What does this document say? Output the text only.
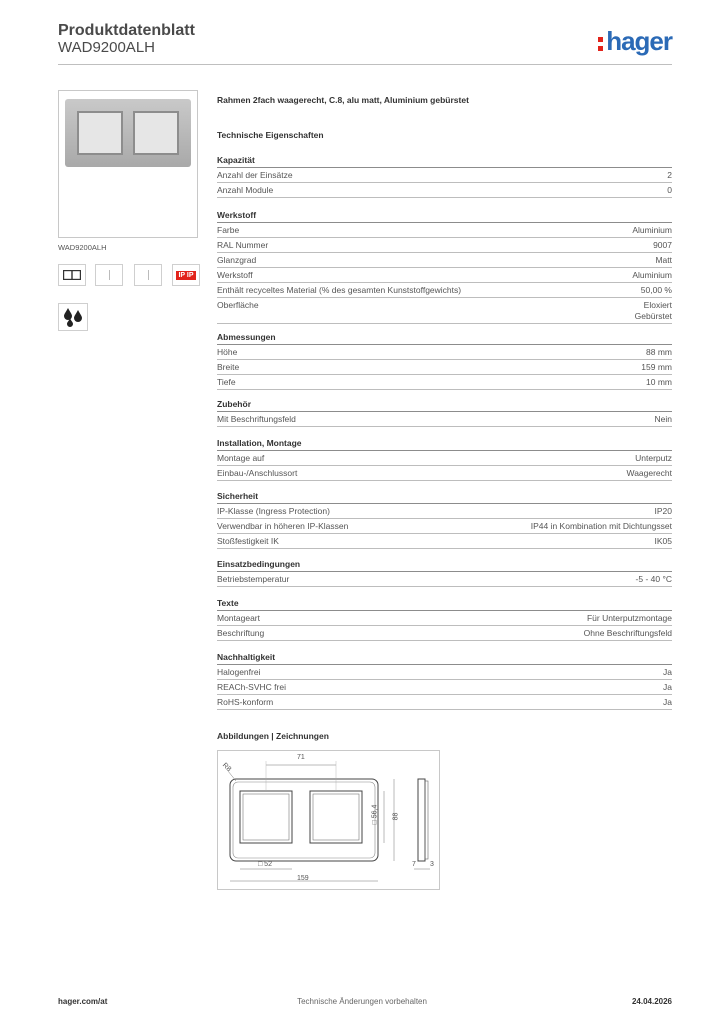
Produktdatenblatt
WAD9200ALH	hager
WAD9200ALH
IP IP
Rahmen 2fach waagerecht, C.8, alu matt, Aluminium gebürstet
Technische Eigenschaften
Kapazität
Anzahl der Einsätze	2
Anzahl Module	0
Werkstoff
Farbe	Aluminium
RAL Nummer	9007
Glanzgrad	Matt
Werkstoff	Aluminium
Enthält recyceltes Material (% des gesamten Kunststoffgewichts)	50,00 %
Oberfläche	Eloxiert
Gebürstet
Abmessungen
Höhe	88 mm
Breite	159 mm
Tiefe	10 mm
Zubehör
Mit Beschriftungsfeld	Nein
Installation, Montage
Montage auf	Unterputz
Einbau-/Anschlussort	Waagerecht
Sicherheit
IP-Klasse (Ingress Protection)	IP20
Verwendbar in höheren IP-Klassen	IP44 in Kombination mit Dichtungsset
Stoßfestigkeit IK	IK05
Einsatzbedingungen
Betriebstemperatur	-5 - 40 °C
Texte
Montageart	Für Unterputzmontage
Beschriftung	Ohne Beschriftungsfeld
Nachhaltigkeit
Halogenfrei	Ja
REACh-SVHC frei	Ja
RoHS-konform	Ja
Abbildungen | Zeichnungen
71
R8
□ 56,4 88
□ 52
159
7 3
hager.com/at	Technische Änderungen vorbehalten	24.04.2026
